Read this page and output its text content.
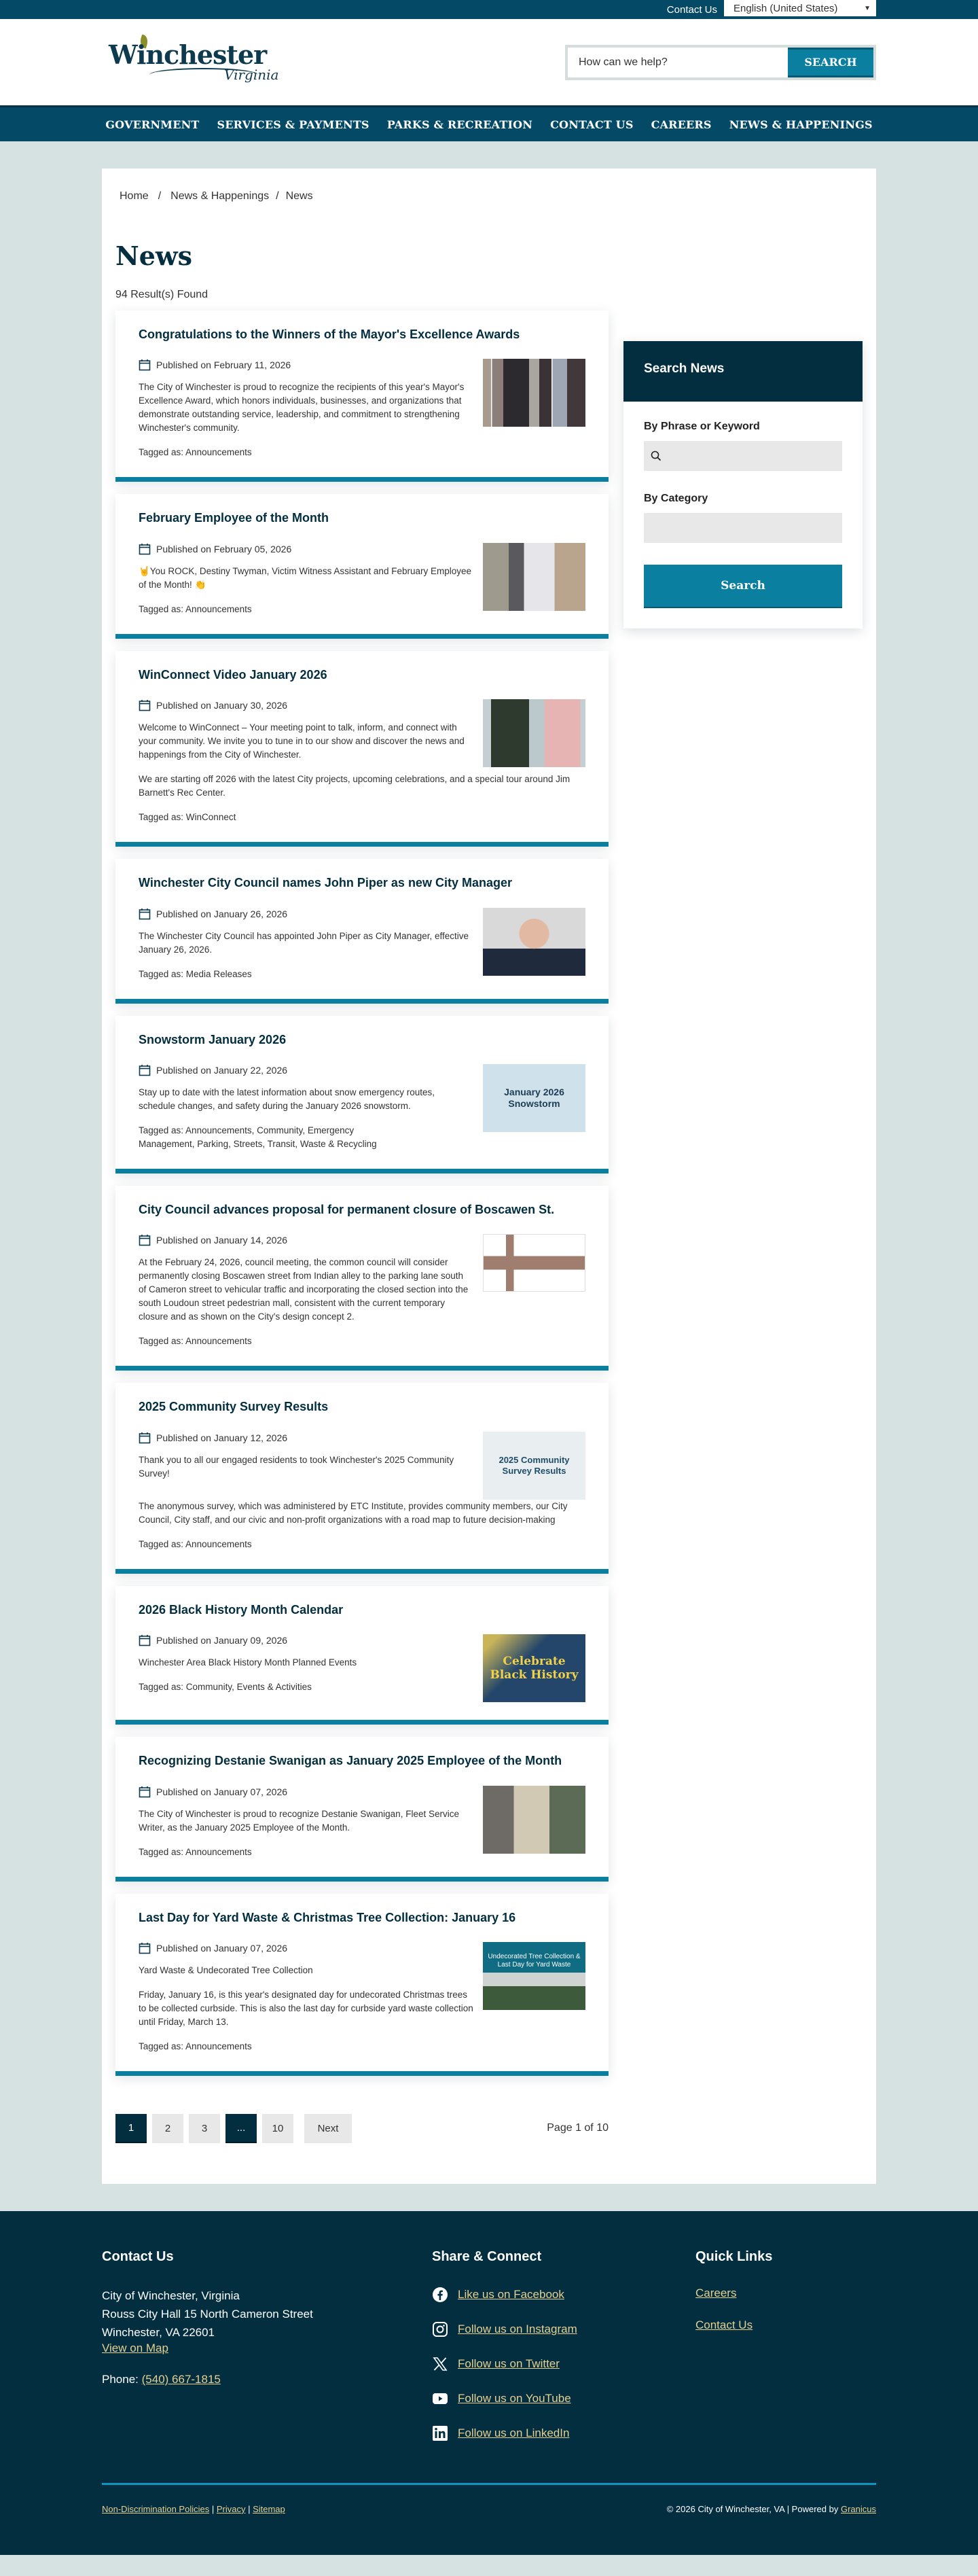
Contact Us English (United States)	▼
Winchester
Virginia
How can we help?
SEARCH
GOVERNMENT SERVICES & PAYMENTS PARKS & RECREATION CONTACT US CAREERS NEWS & HAPPENINGS
Home / News & Happenings / News
News
94 Result(s) Found
Congratulations to the Winners of the Mayor's Excellence Awards
Published on February 11, 2026

The City of Winchester is proud to recognize the recipients of this year's Mayor's Excellence Award, which honors individuals, businesses, and organizations that demonstrate outstanding service, leadership, and commitment to strengthening Winchester's community.

Tagged as: Announcements
February Employee of the Month
Published on February 05, 2026

🤘You ROCK, Destiny Twyman, Victim Witness Assistant and February Employee of the Month! 👏

Tagged as: Announcements
WinConnect Video January 2026
Published on January 30, 2026

Welcome to WinConnect – Your meeting point to talk, inform, and connect with your community. We invite you to tune in to our show and discover the news and happenings from the City of Winchester.

We are starting off 2026 with the latest City projects, upcoming celebrations, and a special tour around Jim Barnett's Rec Center.

Tagged as: WinConnect
Winchester City Council names John Piper as new City Manager
Published on January 26, 2026

The Winchester City Council has appointed John Piper as City Manager, effective January 26, 2026.

Tagged as: Media Releases
Snowstorm January 2026
Published on January 22, 2026

Stay up to date with the latest information about snow emergency routes, schedule changes, and safety during the January 2026 snowstorm.

Tagged as: Announcements, Community, Emergency Management, Parking, Streets, Transit, Waste & Recycling
January 2026 Snowstorm
City Council advances proposal for permanent closure of Boscawen St.
Published on January 14, 2026

At the February 24, 2026, council meeting, the common council will consider permanently closing Boscawen street from Indian alley to the parking lane south of Cameron street to vehicular traffic and incorporating the closed section into the south Loudoun street pedestrian mall, consistent with the current temporary closure and as shown on the City's design concept 2.

Tagged as: Announcements
2025 Community Survey Results
Published on January 12, 2026

Thank you to all our engaged residents to took Winchester's 2025 Community Survey!

2025 Community Survey Results

The anonymous survey, which was administered by ETC Institute, provides community members, our City Council, City staff, and our civic and non-profit organizations with a road map to future decision-making

Tagged as: Announcements
2026 Black History Month Calendar
Published on January 09, 2026

Winchester Area Black History Month Planned Events

Tagged as: Community, Events & Activities
Celebrate Black History
Recognizing Destanie Swanigan as January 2025 Employee of the Month
Published on January 07, 2026

The City of Winchester is proud to recognize Destanie Swanigan, Fleet Service Writer, as the January 2025 Employee of the Month.

Tagged as: Announcements
Last Day for Yard Waste & Christmas Tree Collection: January 16
Published on January 07, 2026

Yard Waste & Undecorated Tree Collection

Friday, January 16, is this year's designated day for undecorated Christmas trees to be collected curbside. This is also the last day for curbside yard waste collection until Friday, March 13.

Tagged as: Announcements
Undecorated Tree Collection & Last Day for Yard Waste
1	2	3	...	10	Next	Page 1 of 10
Search News
By Phrase or Keyword
By Category
Search
Contact Us
City of Winchester, Virginia
Rouss City Hall 15 North Cameron Street
Winchester, VA 22601
View on Map
Phone: (540) 667-1815
Share & Connect
Like us on Facebook
Follow us on Instagram
Follow us on Twitter
Follow us on YouTube
Follow us on LinkedIn
Quick Links
Careers
Contact Us
Non-Discrimination Policies | Privacy | Sitemap	© 2026 City of Winchester, VA | Powered by Granicus
